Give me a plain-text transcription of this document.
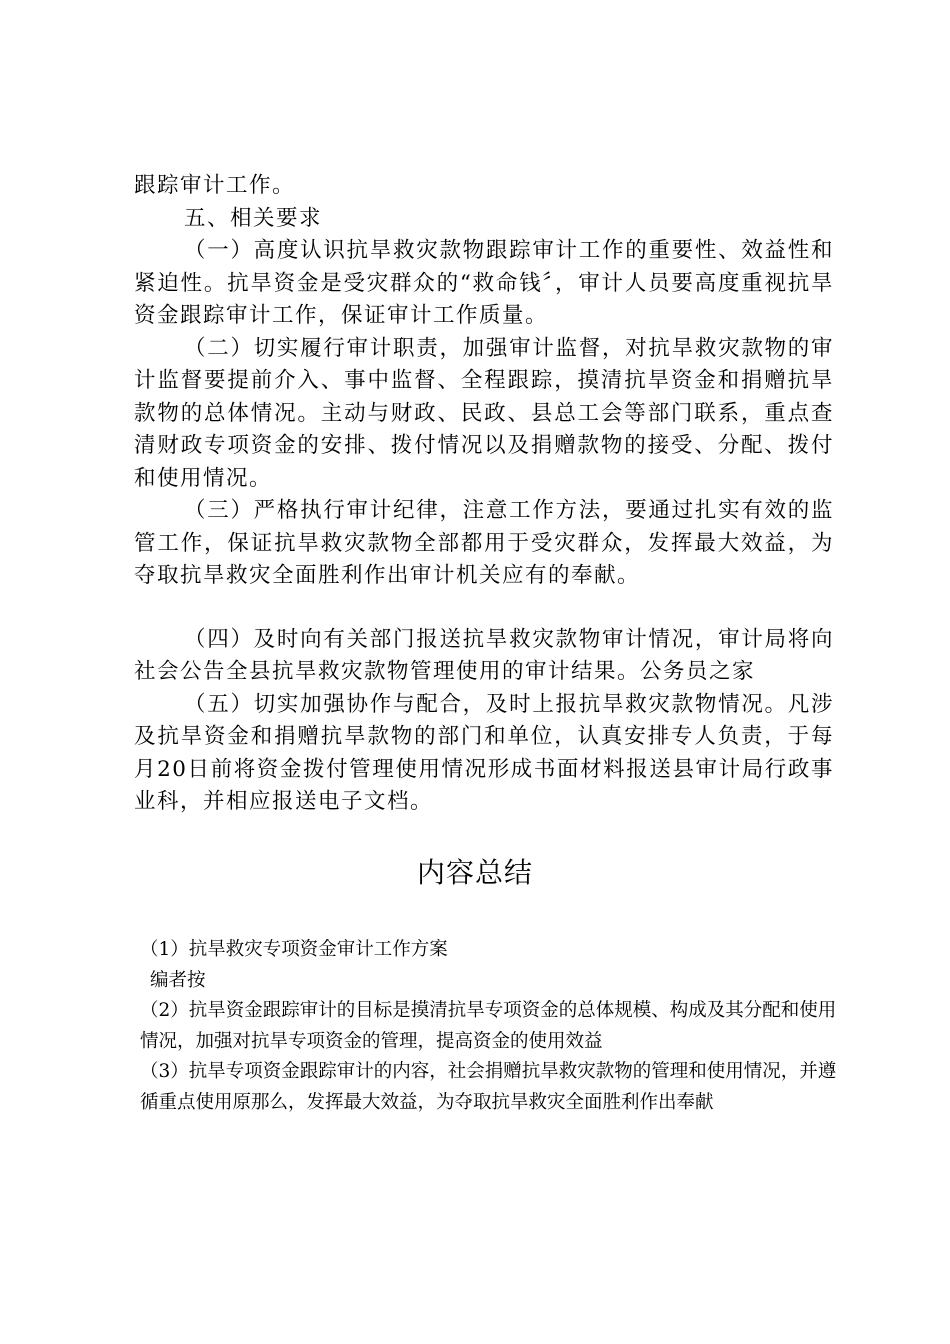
跟踪审计工作。

五、相关要求

（一）高度认识抗旱救灾款物跟踪审计工作的重要性、效益性和紧迫性。抗旱资金是受灾群众的“救命钱〞，审计人员要高度重视抗旱资金跟踪审计工作，保证审计工作质量。

（二）切实履行审计职责，加强审计监督，对抗旱救灾款物的审计监督要提前介入、事中监督、全程跟踪，摸清抗旱资金和捐赠抗旱款物的总体情况。主动与财政、民政、县总工会等部门联系，重点查清财政专项资金的安排、拨付情况以及捐赠款物的接受、分配、拨付和使用情况。

（三）严格执行审计纪律，注意工作方法，要通过扎实有效的监管工作，保证抗旱救灾款物全部都用于受灾群众，发挥最大效益，为夺取抗旱救灾全面胜利作出审计机关应有的奉献。

（四）及时向有关部门报送抗旱救灾款物审计情况，审计局将向社会公告全县抗旱救灾款物管理使用的审计结果。公务员之家

（五）切实加强协作与配合，及时上报抗旱救灾款物情况。凡涉及抗旱资金和捐赠抗旱款物的部门和单位，认真安排专人负责，于每月20日前将资金拨付管理使用情况形成书面材料报送县审计局行政事业科，并相应报送电子文档。

内容总结

（1）抗旱救灾专项资金审计工作方案

编者按

（2）抗旱资金跟踪审计的目标是摸清抗旱专项资金的总体规模、构成及其分配和使用情况，加强对抗旱专项资金的管理，提高资金的使用效益

（3）抗旱专项资金跟踪审计的内容，社会捐赠抗旱救灾款物的管理和使用情况，并遵循重点使用原那么，发挥最大效益，为夺取抗旱救灾全面胜利作出奉献
